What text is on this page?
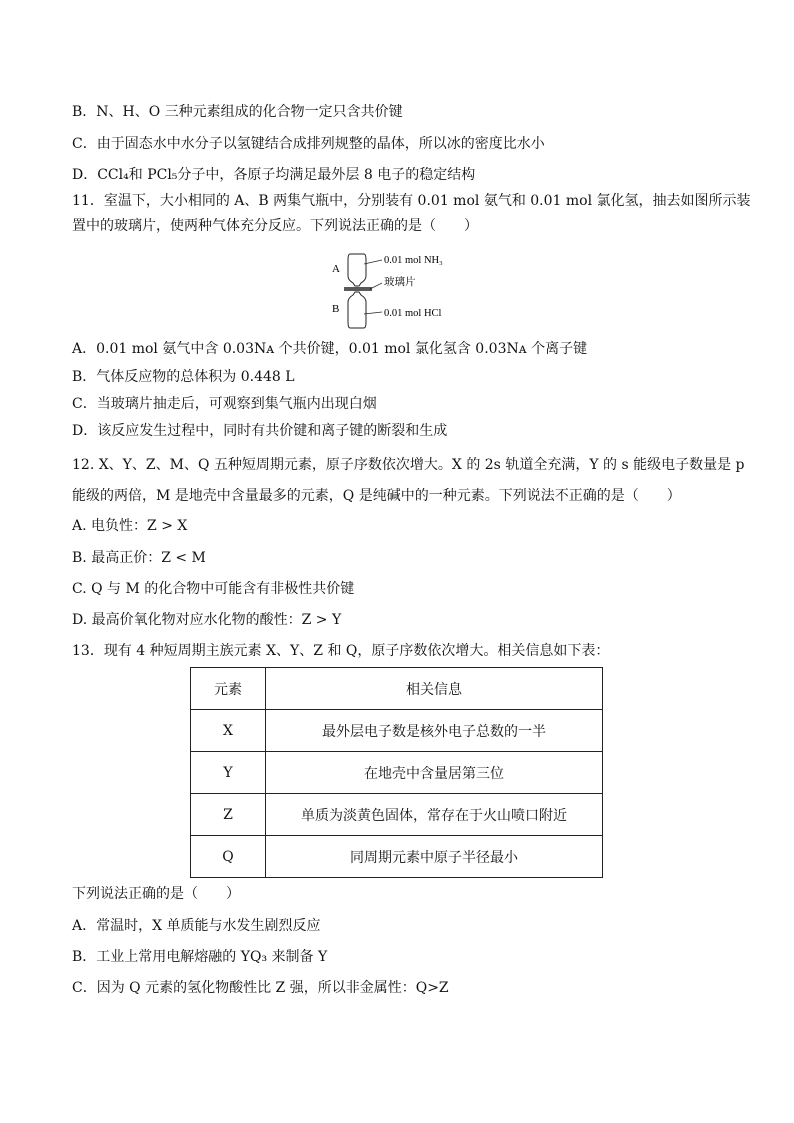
B．N、H、O 三种元素组成的化合物一定只含共价键
C．由于固态水中水分子以氢键结合成排列规整的晶体，所以冰的密度比水小
D．CCl₄和 PCl₅分子中，各原子均满足最外层 8 电子的稳定结构
11．室温下，大小相同的 A、B 两集气瓶中，分别装有 0.01 mol 氨气和 0.01 mol 氯化氢，抽去如图所示装
置中的玻璃片，使两种气体充分反应。下列说法正确的是（　　）
A
B
0.01 mol NH₃
玻璃片
0.01 mol HCl
A．0.01 mol 氨气中含 0.03Nᴀ 个共价键，0.01 mol 氯化氢含 0.03Nᴀ 个离子键
B．气体反应物的总体积为 0.448 L
C．当玻璃片抽走后，可观察到集气瓶内出现白烟
D．该反应发生过程中，同时有共价键和离子键的断裂和生成
12. X、Y、Z、M、Q 五种短周期元素，原子序数依次增大。X 的 2s 轨道全充满，Y 的 s 能级电子数量是 p
能级的两倍，M 是地壳中含量最多的元素，Q 是纯碱中的一种元素。下列说法不正确的是（　　）
A. 电负性：Z > X
B. 最高正价：Z < M
C. Q 与 M 的化合物中可能含有非极性共价键
D. 最高价氧化物对应水化物的酸性：Z > Y
13．现有 4 种短周期主族元素 X、Y、Z 和 Q，原子序数依次增大。相关信息如下表：
元素	相关信息
X	最外层电子数是核外电子总数的一半
Y	在地壳中含量居第三位
Z	单质为淡黄色固体，常存在于火山喷口附近
Q	同周期元素中原子半径最小
下列说法正确的是（　　）
A．常温时，X 单质能与水发生剧烈反应
B．工业上常用电解熔融的 YQ₃ 来制备 Y
C．因为 Q 元素的氢化物酸性比 Z 强，所以非金属性：Q>Z
